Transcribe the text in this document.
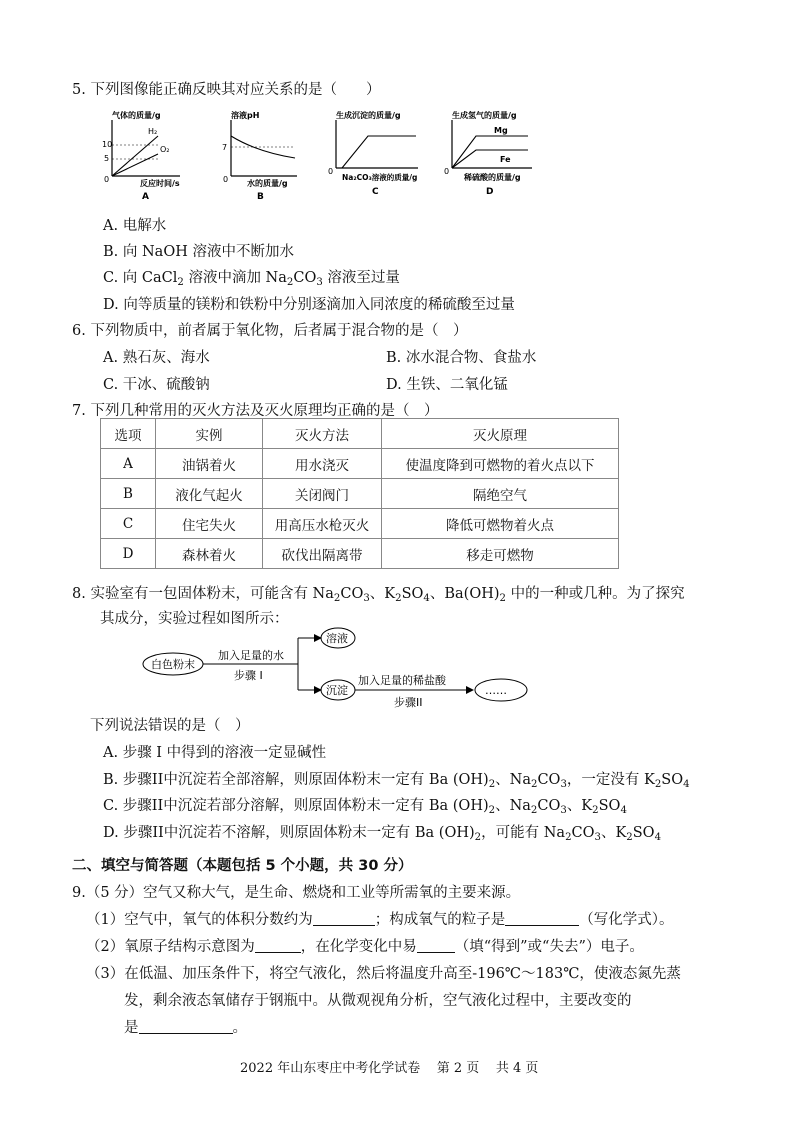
5. 下列图像能正确反映其对应关系的是（　　）
气体的质量/g
10
5
0
H₂
O₂
反应时间/s
A
溶液pH
7
0 水的质量/g
B
生成沉淀的质量/g
0
Na₂CO₃溶液的质量/g
C
生成氢气的质量/g
0
Mg
Fe
稀硫酸的质量/g
D
A. 电解水
B. 向 NaOH 溶液中不断加水
C. 向 CaCl$_2$ 溶液中滴加 $Na_2CO_3$ 溶液至过量
D. 向等质量的镁粉和铁粉中分别逐滴加入同浓度的稀硫酸至过量
6. 下列物质中，前者属于氧化物，后者属于混合物的是（　）
A. 熟石灰、海水	B. 冰水混合物、食盐水
C. 干冰、硫酸钠	D. 生铁、二氧化锰
7. 下列几种常用的灭火方法及灭火原理均正确的是（　）
选项	实例	灭火方法	灭火原理
A	油锅着火	用水浇灭	使温度降到可燃物的着火点以下
B	液化气起火	关闭阀门	隔绝空气
C	住宅失火	用高压水枪灭火	降低可燃物着火点
D	森林着火	砍伐出隔离带	移走可燃物
8. 实验室有一包固体粉末，可能含有 $Na_2CO_3$、$K_2SO_4$、$Ba(OH)_2$ 中的一种或几种。为了探究
其成分，实验过程如图所示：
白色粉末
加入足量的水
步骤 I
溶液
沉淀
加入足量的稀盐酸
步骤II
……
下列说法错误的是（　）
A. 步骤 I 中得到的溶液一定显碱性
B. 步骤II中沉淀若全部溶解，则原固体粉末一定有 Ba $(OH)_2$、$Na_2CO_3$，一定没有 $K_2SO_4$
C. 步骤II中沉淀若部分溶解，则原固体粉末一定有 Ba $(OH)_2$、$Na_2CO_3$、$K_2SO_4$
D. 步骤II中沉淀若不溶解，则原固体粉末一定有 Ba $(OH)_2$，可能有 $Na_2CO_3$、$K_2SO_4$
二、填空与简答题（本题包括 5 个小题，共 30 分）
9.（5 分）空气又称大气，是生命、燃烧和工业等所需氧的主要来源。
（1）空气中，氧气的体积分数约为	；构成氧气的粒子是	（写化学式）。
（2）氧原子结构示意图为	，在化学变化中易	（填“得到”或“失去”）电子。
（3）在低温、加压条件下，将空气液化，然后将温度升高至-196℃～183℃，使液态氮先蒸
发，剩余液态氧储存于钢瓶中。从微观视角分析，空气液化过程中，主要改变的
是	。
2022 年山东枣庄中考化学试卷 第 2 页 共 4 页
